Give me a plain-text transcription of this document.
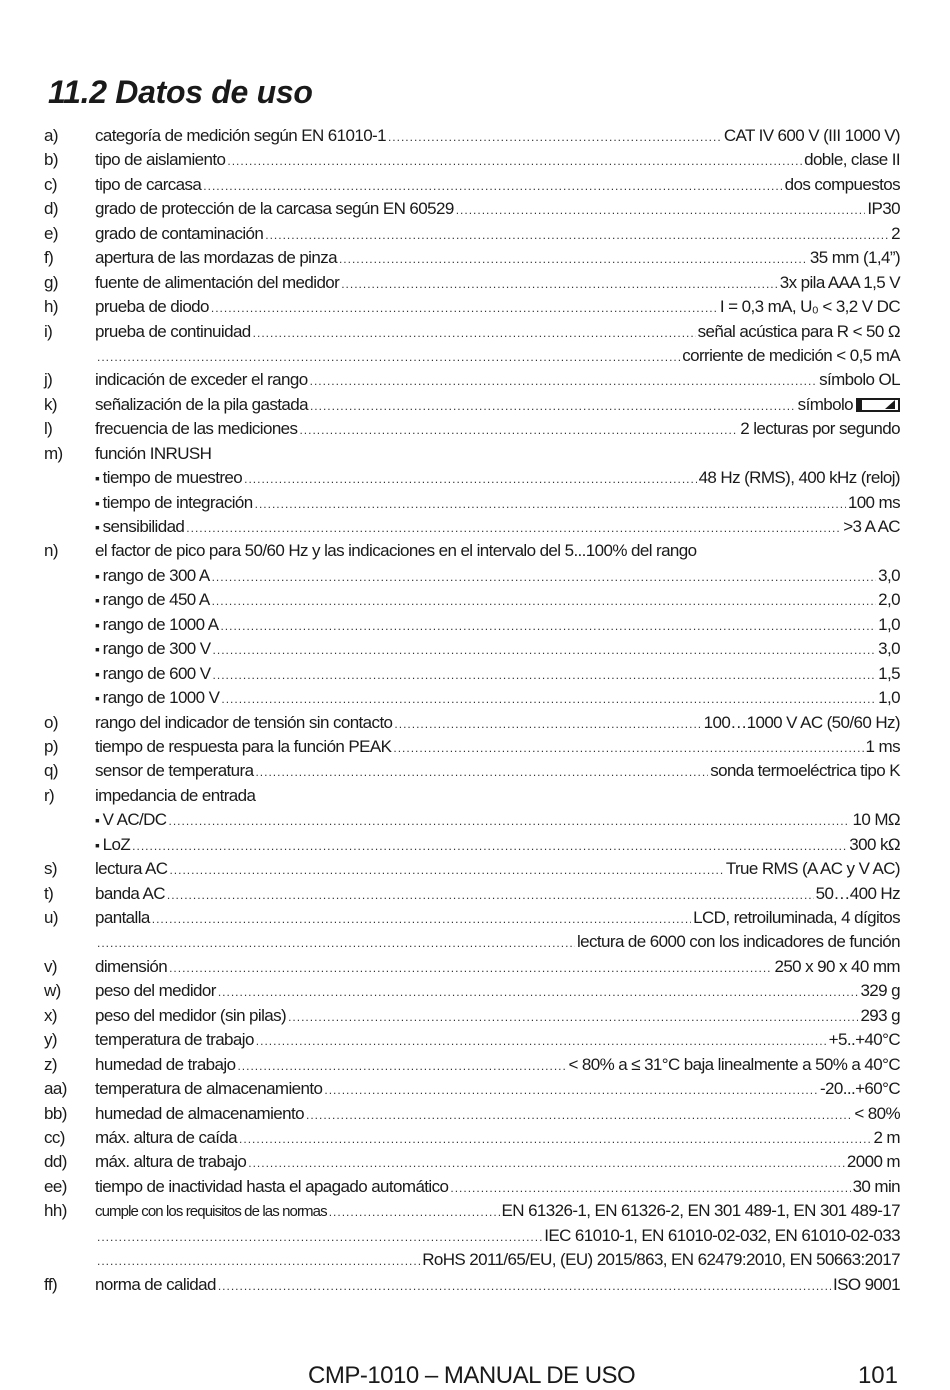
11.2 Datos de uso
a)	categoría de medición según EN 61010-1 .....	CAT IV 600 V (III 1000 V)
b)	tipo de aislamiento .....	doble, clase II
c)	tipo de carcasa .....	dos compuestos
d)	grado de protección de la carcasa según EN 60529 .....	IP30
e)	grado de contaminación .....	2
f)	apertura de las mordazas de pinza .....	35 mm (1,4”)
g)	fuente de alimentación del medidor .....	3x pila AAA 1,5 V
h)	prueba de diodo .....	I = 0,3 mA, U₀ < 3,2 V DC
i)	prueba de continuidad .....	señal acústica para R < 50 Ω
.....
corriente de medición < 0,5 mA
j)	indicación de exceder el rango .....	símbolo OL
k)	señalización de la pila gastada .....	símbolo
l)	frecuencia de las mediciones .....	2 lecturas por segundo
m)	función INRUSH
▪ tiempo de muestreo .....	48 Hz (RMS), 400 kHz (reloj)
▪ tiempo de integración .....	100 ms
▪ sensibilidad .....	>3 A AC
n)	el factor de pico para 50/60 Hz y las indicaciones en el intervalo del 5...100% del rango
▪ rango de 300 A .....	3,0
▪ rango de 450 A .....	2,0
▪ rango de 1000 A .....	1,0
▪ rango de 300 V .....	3,0
▪ rango de 600 V .....	1,5
▪ rango de 1000 V .....	1,0
o)	rango del indicador de tensión sin contacto .....	100…1000 V AC (50/60 Hz)
p)	tiempo de respuesta para la función PEAK .....	1 ms
q)	sensor de temperatura .....	sonda termoeléctrica tipo K
r)	impedancia de entrada
▪ V AC/DC .....	10 MΩ
▪ LoZ .....	300 kΩ
s)	lectura AC .....	True RMS (A AC y V AC)
t)	banda AC .....	50…400 Hz
u)	pantalla .....	LCD, retroiluminada, 4 dígitos
.....
lectura de 6000 con los indicadores de función
v)	dimensión .....	250 x 90 x 40 mm
w)	peso del medidor .....	329 g
x)	peso del medidor (sin pilas) .....	293 g
y)	temperatura de trabajo .....	+5..+40°C
z)	humedad de trabajo .....	< 80% a ≤ 31°C baja linealmente a 50% a 40°C
aa)	temperatura de almacenamiento .....	-20...+60°C
bb)	humedad de almacenamiento .....	< 80%
cc)	máx. altura de caída .....	2 m
dd)	máx. altura de trabajo .....	2000 m
ee)	tiempo de inactividad hasta el apagado automático .....	30 min
hh)	cumple con los requisitos de las normas .....	EN 61326-1, EN 61326-2, EN 301 489-1, EN 301 489-17
.....
IEC 61010-1, EN 61010-02-032, EN 61010-02-033
.....
RoHS 2011/65/EU, (EU) 2015/863, EN 62479:2010, EN 50663:2017
ff)	norma de calidad .....	ISO 9001
CMP-1010 – MANUAL DE USO	101
